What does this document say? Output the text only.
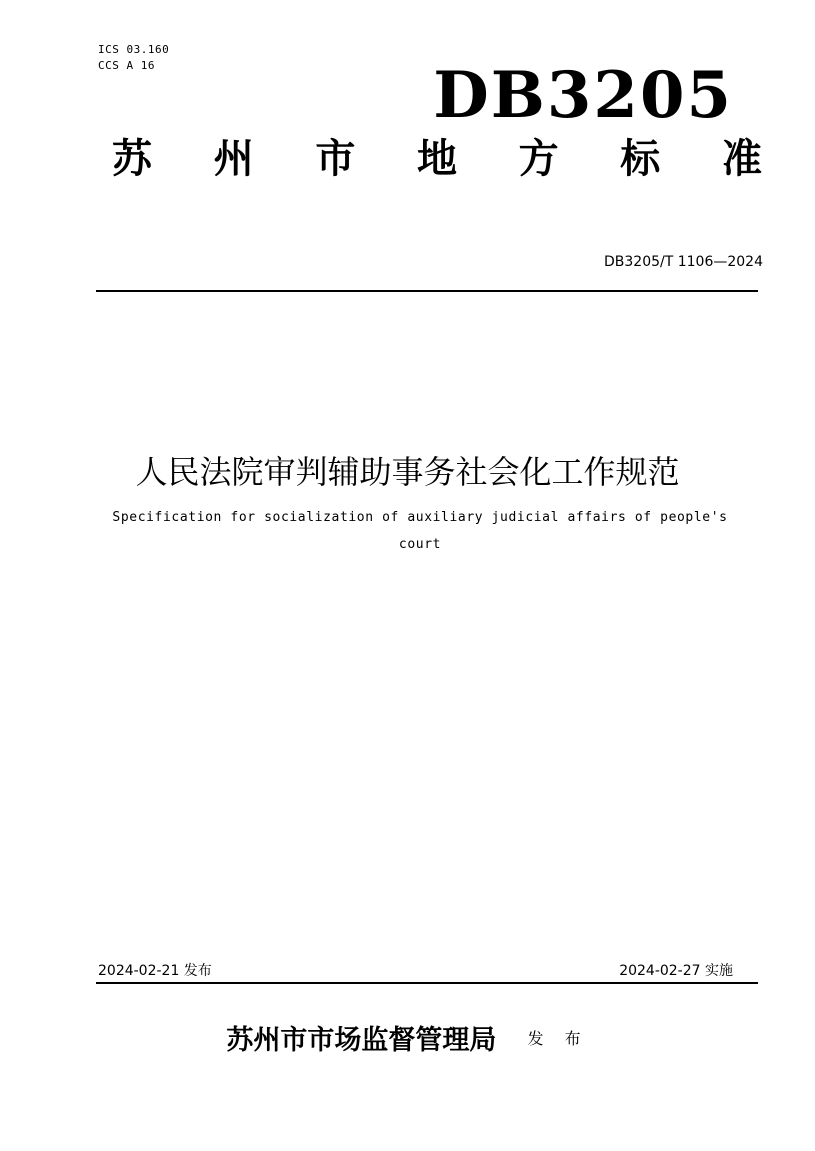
ICS 03.160
CCS A 16	DB3205
苏 州 市 地 方 标 准
DB3205/T 1106—2024
人民法院审判辅助事务社会化工作规范
Specification for socialization of auxiliary judicial affairs of people's court
2024-02-21 发布	2024-02-27 实施
苏州市市场监督管理局 发 布
